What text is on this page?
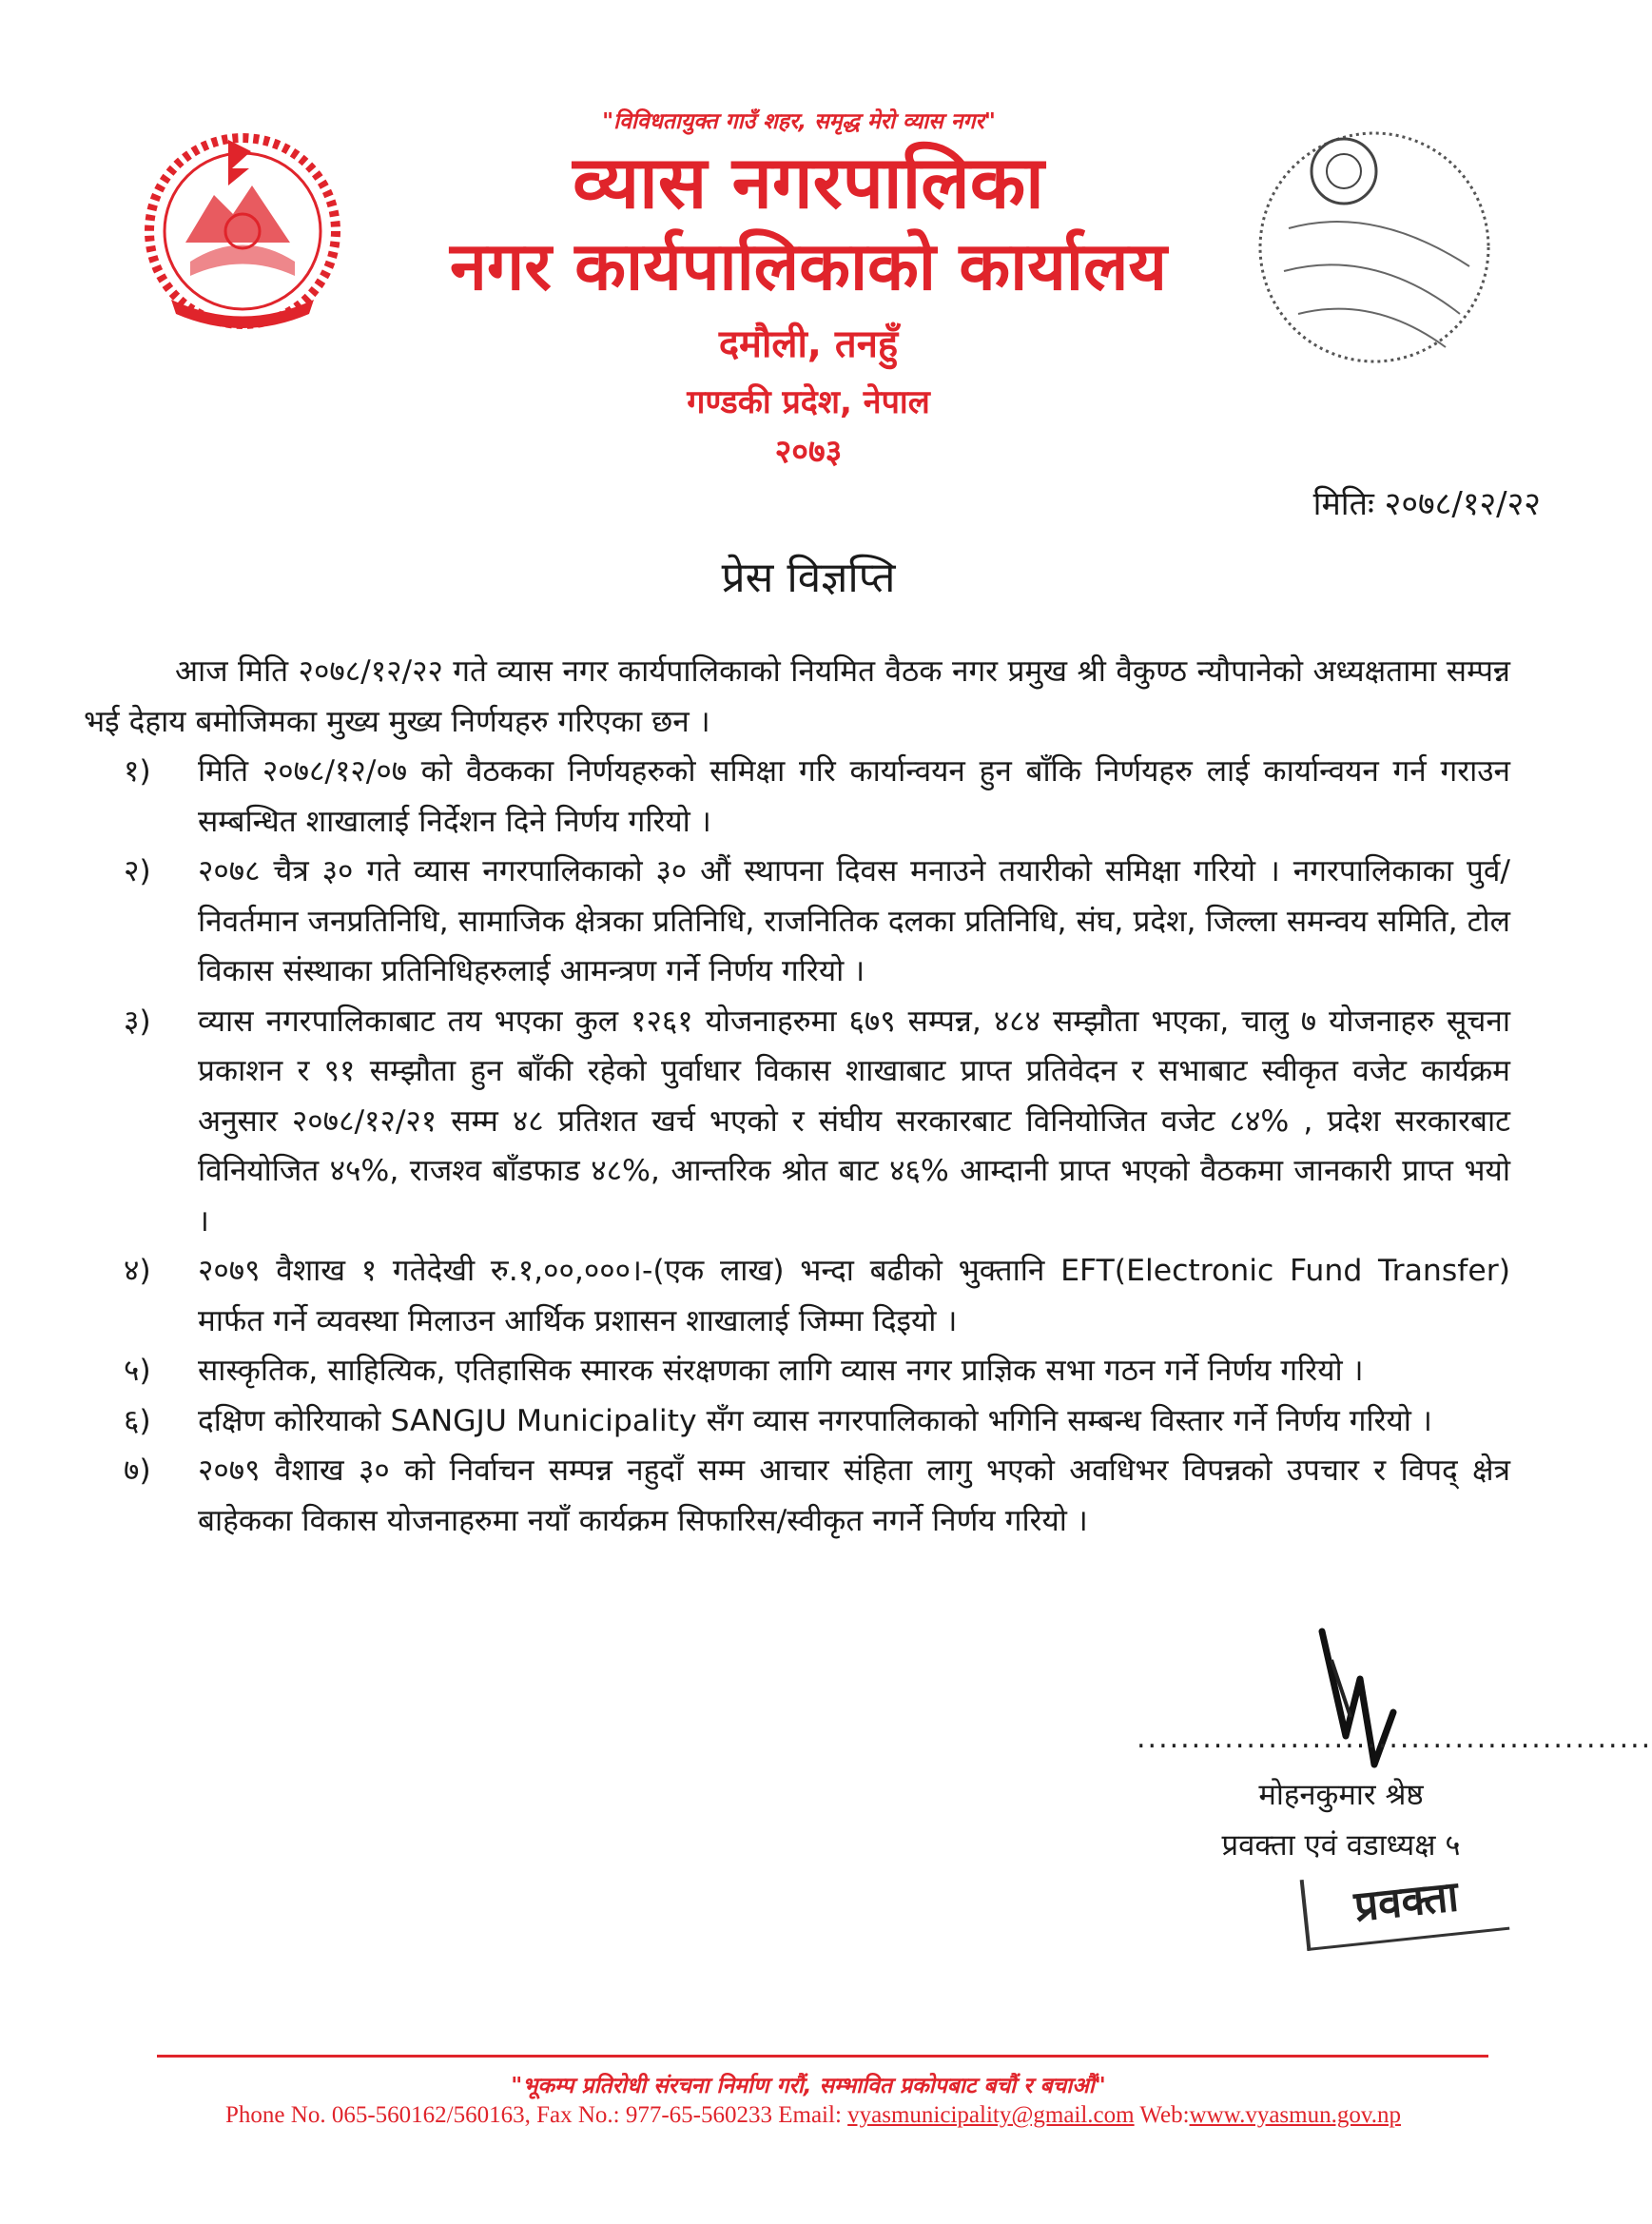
"विविधतायुक्त गाउँ शहर, समृद्ध मेरो व्यास नगर"
व्यास नगरपालिका
नगर कार्यपालिकाको कार्यालय
दमौली, तनहुँ
गण्डकी प्रदेश, नेपाल
२०७३
मितिः २०७८/१२/२२
प्रेस विज्ञप्ति

आज मिति २०७८/१२/२२ गते व्यास नगर कार्यपालिकाको नियमित वैठक नगर प्रमुख श्री वैकुण्ठ न्यौपानेको अध्यक्षतामा सम्पन्न भई देहाय बमोजिमका मुख्य मुख्य निर्णयहरु गरिएका छन ।

१)	मिति २०७८/१२/०७ को वैठकका निर्णयहरुको समिक्षा गरि कार्यान्वयन हुन बाँकि निर्णयहरु लाई कार्यान्वयन गर्न गराउन सम्बन्धित शाखालाई निर्देशन दिने निर्णय गरियो ।
२)	२०७८ चैत्र ३० गते व्यास नगरपालिकाको ३० औं स्थापना दिवस मनाउने तयारीको समिक्षा गरियो । नगरपालिकाका पुर्व/निवर्तमान जनप्रतिनिधि, सामाजिक क्षेत्रका प्रतिनिधि, राजनितिक दलका प्रतिनिधि, संघ, प्रदेश, जिल्ला समन्वय समिति, टोल विकास संस्थाका प्रतिनिधिहरुलाई आमन्त्रण गर्ने निर्णय गरियो ।
३)	व्यास नगरपालिकाबाट तय भएका कुल १२६१ योजनाहरुमा ६७९ सम्पन्न, ४८४ सम्झौता भएका, चालु ७ योजनाहरु सूचना प्रकाशन र ९१ सम्झौता हुन बाँकी रहेको पुर्वाधार विकास शाखाबाट प्राप्त प्रतिवेदन र सभाबाट स्वीकृत वजेट कार्यक्रम अनुसार २०७८/१२/२१ सम्म ४८ प्रतिशत खर्च भएको र संघीय सरकारबाट विनियोजित वजेट ८४% , प्रदेश सरकारबाट विनियोजित ४५%, राजश्व बाँडफाड ४८%, आन्तरिक श्रोत बाट ४६% आम्दानी प्राप्त भएको वैठकमा जानकारी प्राप्त भयो ।
४)	२०७९ वैशाख १ गतेदेखी रु.१,००,०००।-(एक लाख) भन्दा बढीको भुक्तानि EFT(Electronic Fund Transfer) मार्फत गर्ने व्यवस्था मिलाउन आर्थिक प्रशासन शाखालाई जिम्मा दिइयो ।
५)	सास्कृतिक, साहित्यिक, एतिहासिक स्मारक संरक्षणका लागि व्यास नगर प्राज्ञिक सभा गठन गर्ने निर्णय गरियो ।
६)	दक्षिण कोरियाको SANGJU Municipality सँग व्यास नगरपालिकाको भगिनि सम्बन्ध विस्तार गर्ने निर्णय गरियो ।
७)	२०७९ वैशाख ३० को निर्वाचन सम्पन्न नहुदाँ सम्म आचार संहिता लागु भएको अवधिभर विपन्नको उपचार र विपद् क्षेत्र बाहेकका विकास योजनाहरुमा नयाँ कार्यक्रम सिफारिस/स्वीकृत नगर्ने निर्णय गरियो ।
...............................................
मोहनकुमार श्रेष्ठ
प्रवक्ता एवं वडाध्यक्ष ५
प्रवक्ता
"भूकम्प प्रतिरोधी संरचना निर्माण गरौं, सम्भावित प्रकोपबाट बचौं र बचाऔं"
Phone No. 065-560162/560163, Fax No.: 977-65-560233 Email: vyasmunicipality@gmail.com Web:www.vyasmun.gov.np
